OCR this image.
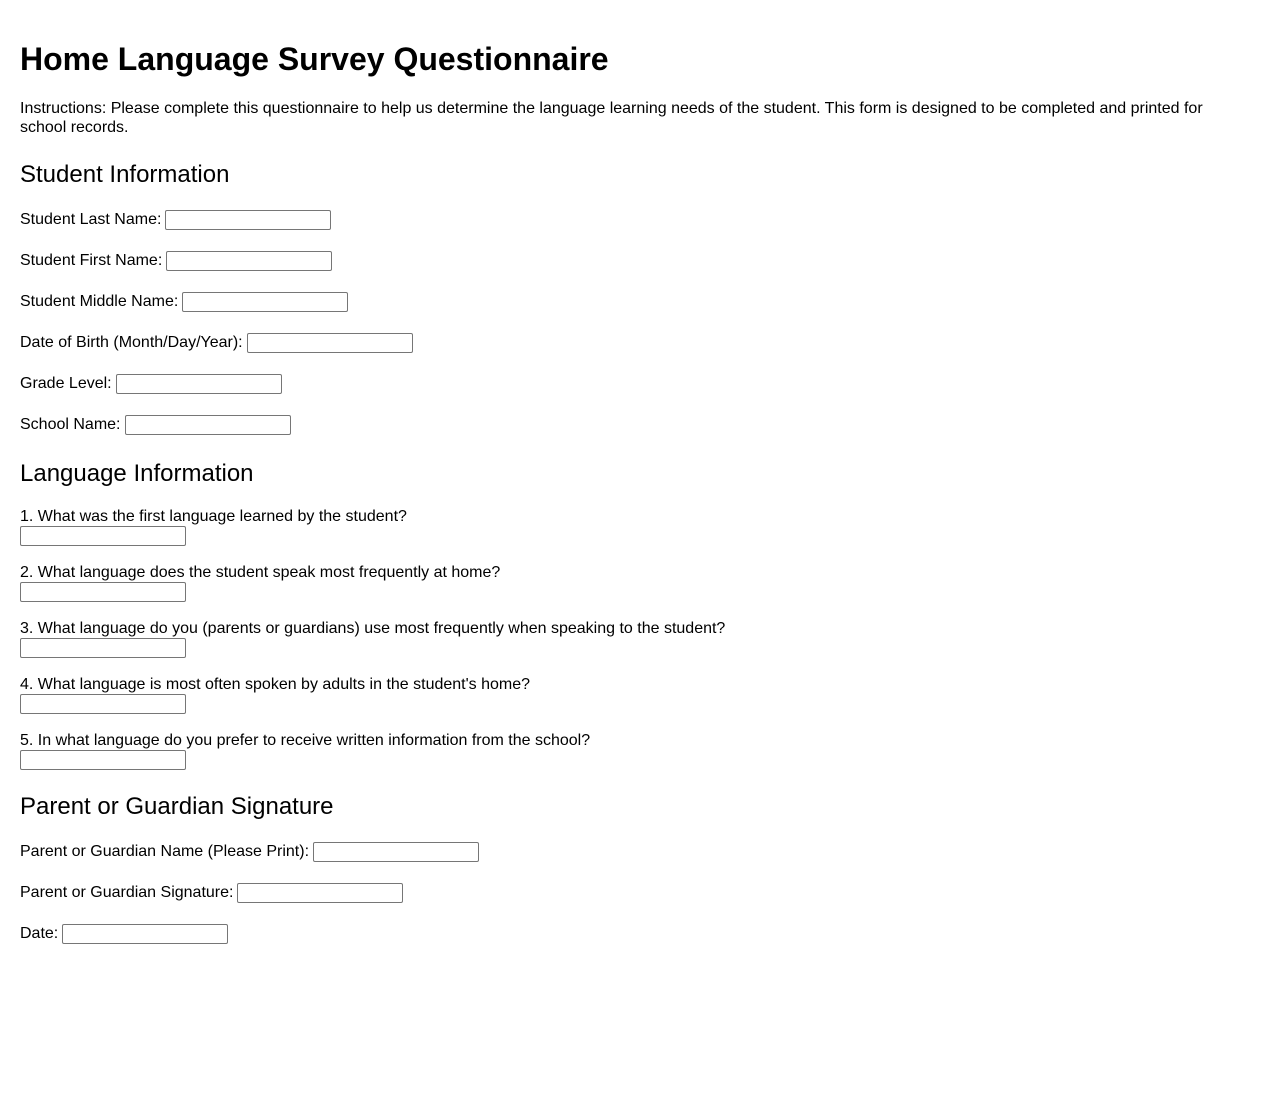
Home Language Survey Questionnaire

Instructions: Please complete this questionnaire to help us determine the language learning needs of the student. This form is designed to be completed and printed for school records.

Student Information
Student Last Name:
Student First Name:
Student Middle Name:
Date of Birth (Month/Day/Year):
Grade Level:
School Name:
Language Information
1. What was the first language learned by the student?
2. What language does the student speak most frequently at home?
3. What language do you (parents or guardians) use most frequently when speaking to the student?
4. What language is most often spoken by adults in the student's home?
5. In what language do you prefer to receive written information from the school?
Parent or Guardian Signature
Parent or Guardian Name (Please Print):
Parent or Guardian Signature:
Date:
